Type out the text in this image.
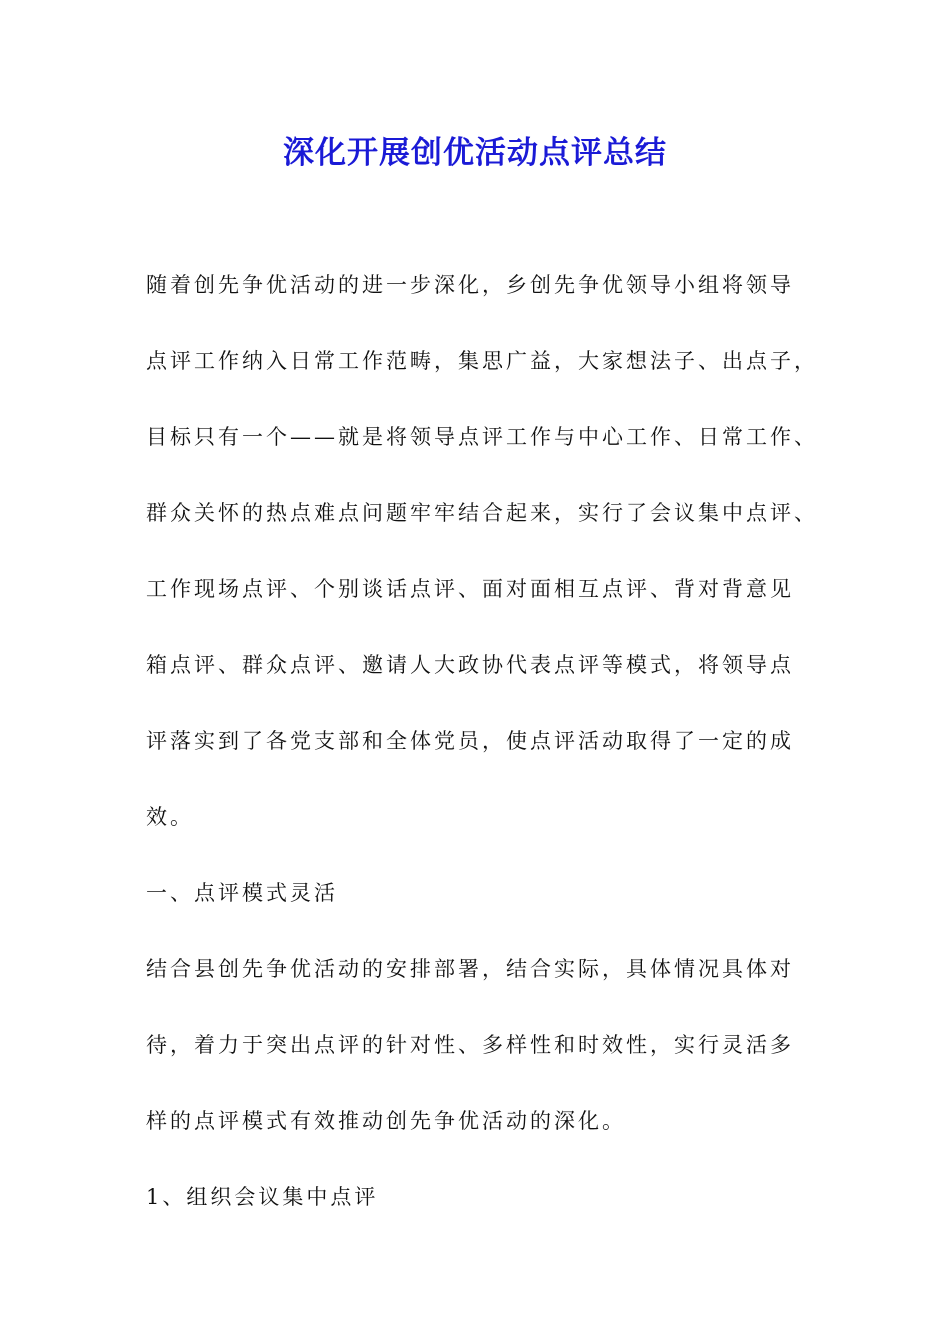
深化开展创优活动点评总结
随着创先争优活动的进一步深化，乡创先争优领导小组将领导
点评工作纳入日常工作范畴，集思广益，大家想法子、出点子，
目标只有一个——就是将领导点评工作与中心工作、日常工作、
群众关怀的热点难点问题牢牢结合起来，实行了会议集中点评、
工作现场点评、个别谈话点评、面对面相互点评、背对背意见
箱点评、群众点评、邀请人大政协代表点评等模式，将领导点
评落实到了各党支部和全体党员，使点评活动取得了一定的成
效。
一、点评模式灵活
结合县创先争优活动的安排部署，结合实际，具体情况具体对
待，着力于突出点评的针对性、多样性和时效性，实行灵活多
样的点评模式有效推动创先争优活动的深化。
1、组织会议集中点评
